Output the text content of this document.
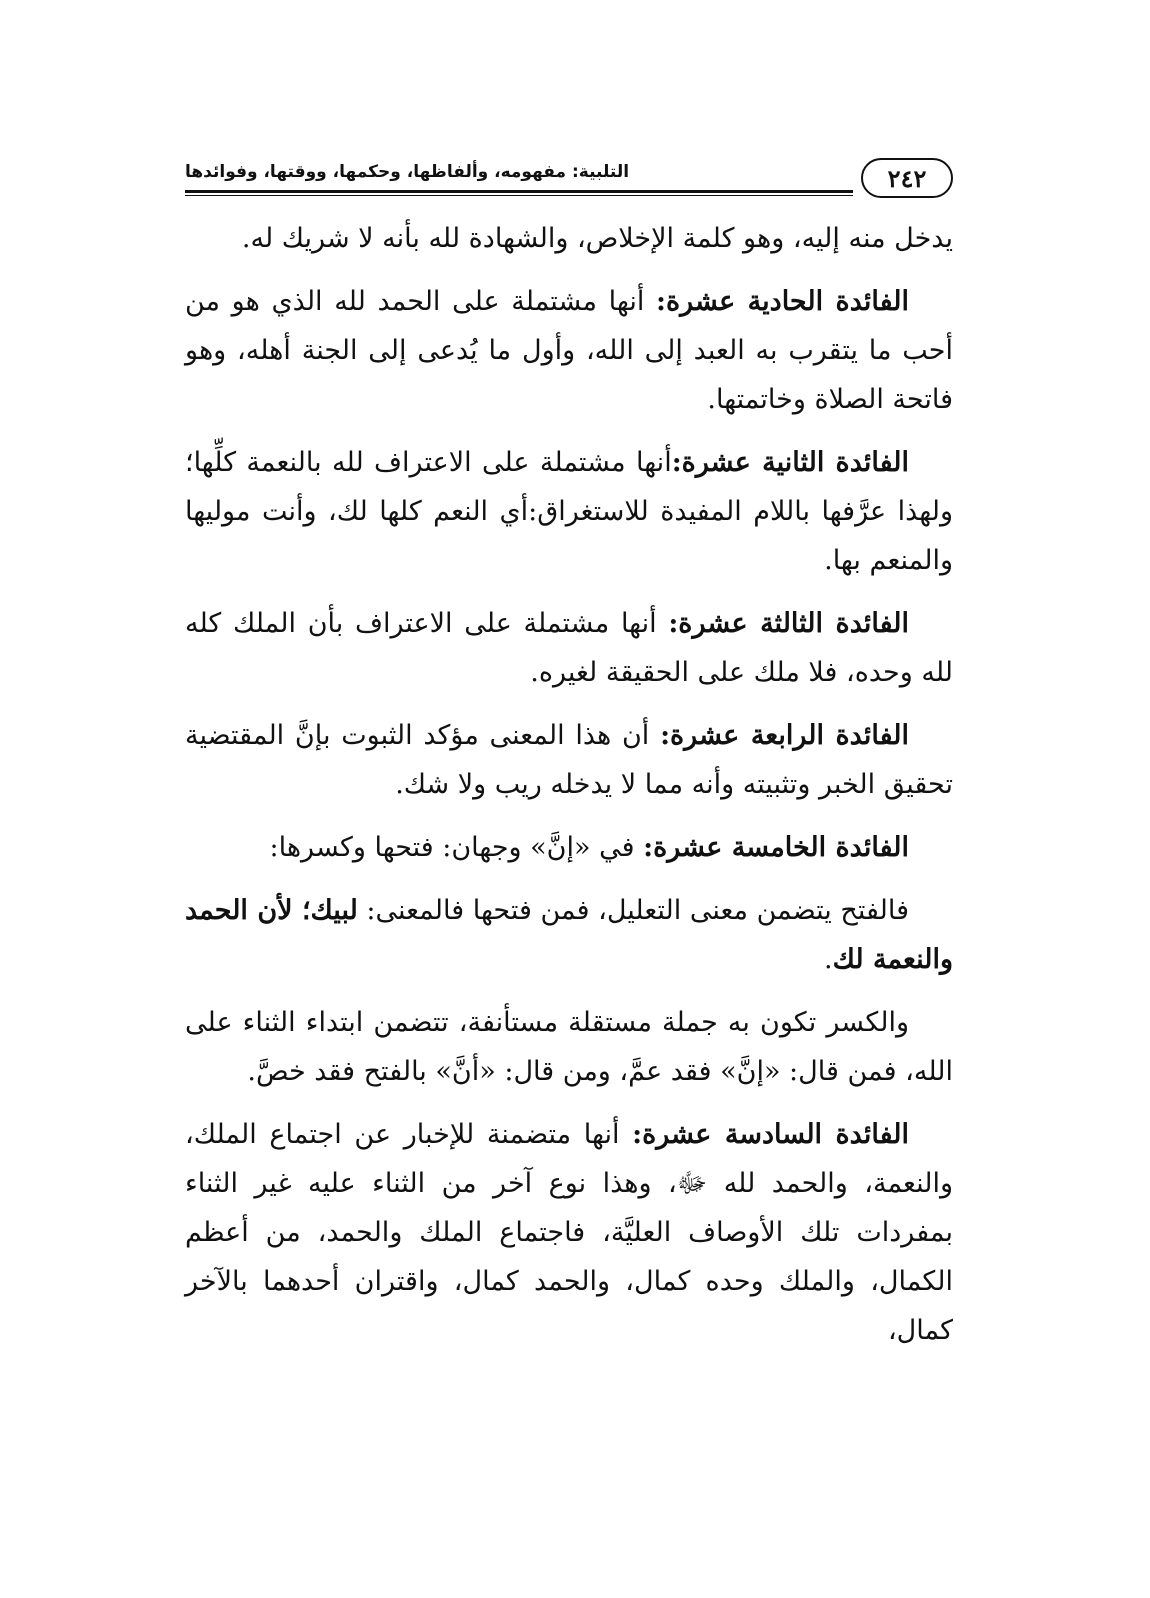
٢٤٢
التلبية: مفهومه، وألفاظها، وحكمها، ووقتها، وفوائدها

يدخل منه إليه، وهو كلمة الإخلاص، والشهادة لله بأنه لا شريك له.

الفائدة الحادية عشرة: أنها مشتملة على الحمد لله الذي هو من أحب ما يتقرب به العبد إلى الله، وأول ما يُدعى إلى الجنة أهله، وهو فاتحة الصلاة وخاتمتها.

الفائدة الثانية عشرة:أنها مشتملة على الاعتراف لله بالنعمة كلِّها؛ ولهذا عرَّفها باللام المفيدة للاستغراق:أي النعم كلها لك، وأنت موليها والمنعم بها.

الفائدة الثالثة عشرة: أنها مشتملة على الاعتراف بأن الملك كله لله وحده، فلا ملك على الحقيقة لغيره.

الفائدة الرابعة عشرة: أن هذا المعنى مؤكد الثبوت بإنَّ المقتضية تحقيق الخبر وتثبيته وأنه مما لا يدخله ريب ولا شك.

الفائدة الخامسة عشرة: في «إنَّ» وجهان: فتحها وكسرها:

فالفتح يتضمن معنى التعليل، فمن فتحها فالمعنى: لبيك؛ لأن الحمد والنعمة لك.

والكسر تكون به جملة مستقلة مستأنفة، تتضمن ابتداء الثناء على الله، فمن قال: «إنَّ» فقد عمَّ، ومن قال: «أنَّ» بالفتح فقد خصَّ.

الفائدة السادسة عشرة: أنها متضمنة للإخبار عن اجتماع الملك، والنعمة، والحمد لله ﷻ، وهذا نوع آخر من الثناء عليه غير الثناء بمفردات تلك الأوصاف العليَّة، فاجتماع الملك والحمد، من أعظم الكمال، والملك وحده كمال، والحمد كمال، واقتران أحدهما بالآخر كمال،
